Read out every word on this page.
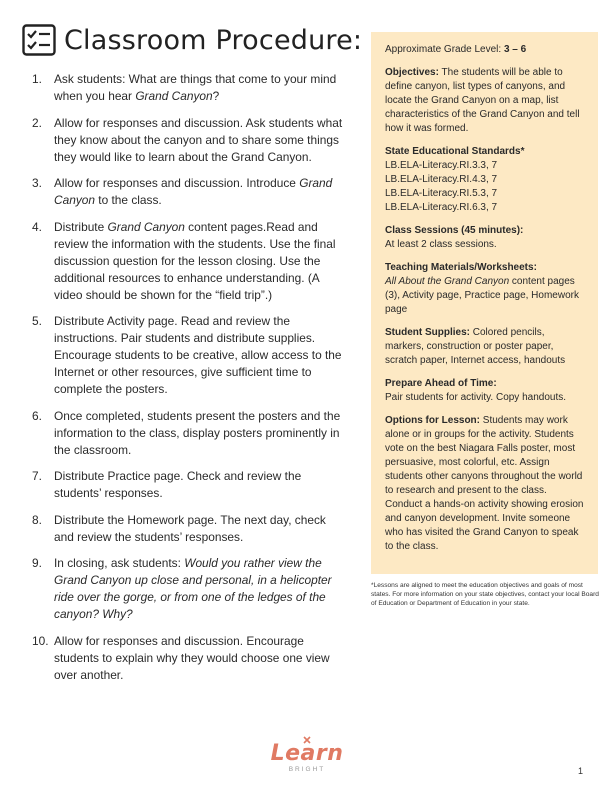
Classroom Procedure:
1.	Ask students: What are things that come to your mind when you hear Grand Canyon?
2.	Allow for responses and discussion. Ask students what they know about the canyon and to share some things they would like to learn about the Grand Canyon.
3.	Allow for responses and discussion. Introduce Grand Canyon to the class.
4.	Distribute Grand Canyon content pages.Read and review the information with the students. Use the final discussion question for the lesson closing. Use the additional resources to enhance understanding. (A video should be shown for the “field trip”.)
5.	Distribute Activity page. Read and review the instructions. Pair students and distribute supplies. Encourage students to be creative, allow access to the Internet or other resources, give sufficient time to complete the posters.
6.	Once completed, students present the posters and the information to the class, display posters prominently in the classroom.
7.	Distribute Practice page. Check and review the students’ responses.
8.	Distribute the Homework page. The next day, check and review the students’ responses.
9.	In closing, ask students: Would you rather view the Grand Canyon up close and personal, in a helicopter ride over the gorge, or from one of the ledges of the canyon? Why?
10. Allow for responses and discussion. Encourage students to explain why they would choose one view over another.
Approximate Grade Level: 3 – 6
Objectives: The students will be able to define canyon, list types of canyons, and locate the Grand Canyon on a map, list characteristics of the Grand Canyon and tell how it was formed.
State Educational Standards*
LB.ELA-Literacy.RI.3.3, 7
LB.ELA-Literacy.RI.4.3, 7
LB.ELA-Literacy.RI.5.3, 7
LB.ELA-Literacy.RI.6.3, 7
Class Sessions (45 minutes):
At least 2 class sessions.
Teaching Materials/Worksheets:
All About the Grand Canyon content pages (3), Activity page, Practice page, Homework page
Student Supplies: Colored pencils, markers, construction or poster paper, scratch paper, Internet access, handouts
Prepare Ahead of Time:
Pair students for activity. Copy handouts.
Options for Lesson: Students may work alone or in groups for the activity. Students vote on the best Niagara Falls poster, most persuasive, most colorful, etc. Assign students other canyons throughout the world to research and present to the class. Conduct a hands-on activity showing erosion and canyon development. Invite someone who has visited the Grand Canyon to speak to the class.
*Lessons are aligned to meet the education objectives and goals of most states. For more information on your state objectives, contact your local Board of Education or Department of Education in your state.
Learn
BRIGHT	1
